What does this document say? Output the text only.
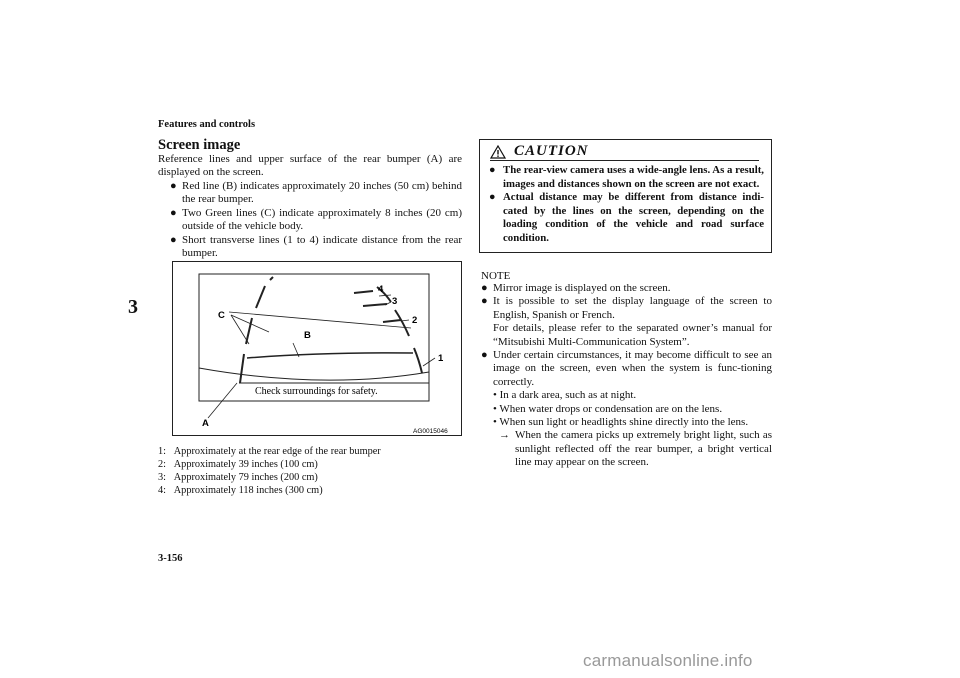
Features and controls
3
Screen image
Reference lines and upper surface of the rear bumper (A) are displayed on the screen.
● Red line (B) indicates approximately 20 inches (50 cm) behind the rear bumper.
● Two Green lines (C) indicate approximately 8 inches (20 cm) outside of the vehicle body.
● Short transverse lines (1 to 4) indicate distance from the rear bumper.
C
B
4
3
2
1
A
Check surroundings for safety.
AG0015046
1:   Approximately at the rear edge of the rear bumper
2:   Approximately 39 inches (100 cm)
3:   Approximately 79 inches (200 cm)
4:   Approximately 118 inches (300 cm)
CAUTION
● The rear-view camera uses a wide-angle lens. As a result, images and distances shown on the screen are not exact.
● Actual distance may be different from distance indi-cated by the lines on the screen, depending on the loading condition of the vehicle and road surface condition.
NOTE
● Mirror image is displayed on the screen.
● It is possible to set the display language of the screen to English, Spanish or French.
For details, please refer to the separated owner’s manual for “Mitsubishi Multi-Communication System”.
● Under certain circumstances, it may become difficult to see an image on the screen, even when the system is func-tioning correctly.
• In a dark area, such as at night.
• When water drops or condensation are on the lens.
• When sun light or headlights shine directly into the lens.
→ When the camera picks up extremely bright light, such as sunlight reflected off the rear bumper, a bright vertical line may appear on the screen.
3-156
carmanualsonline.info
